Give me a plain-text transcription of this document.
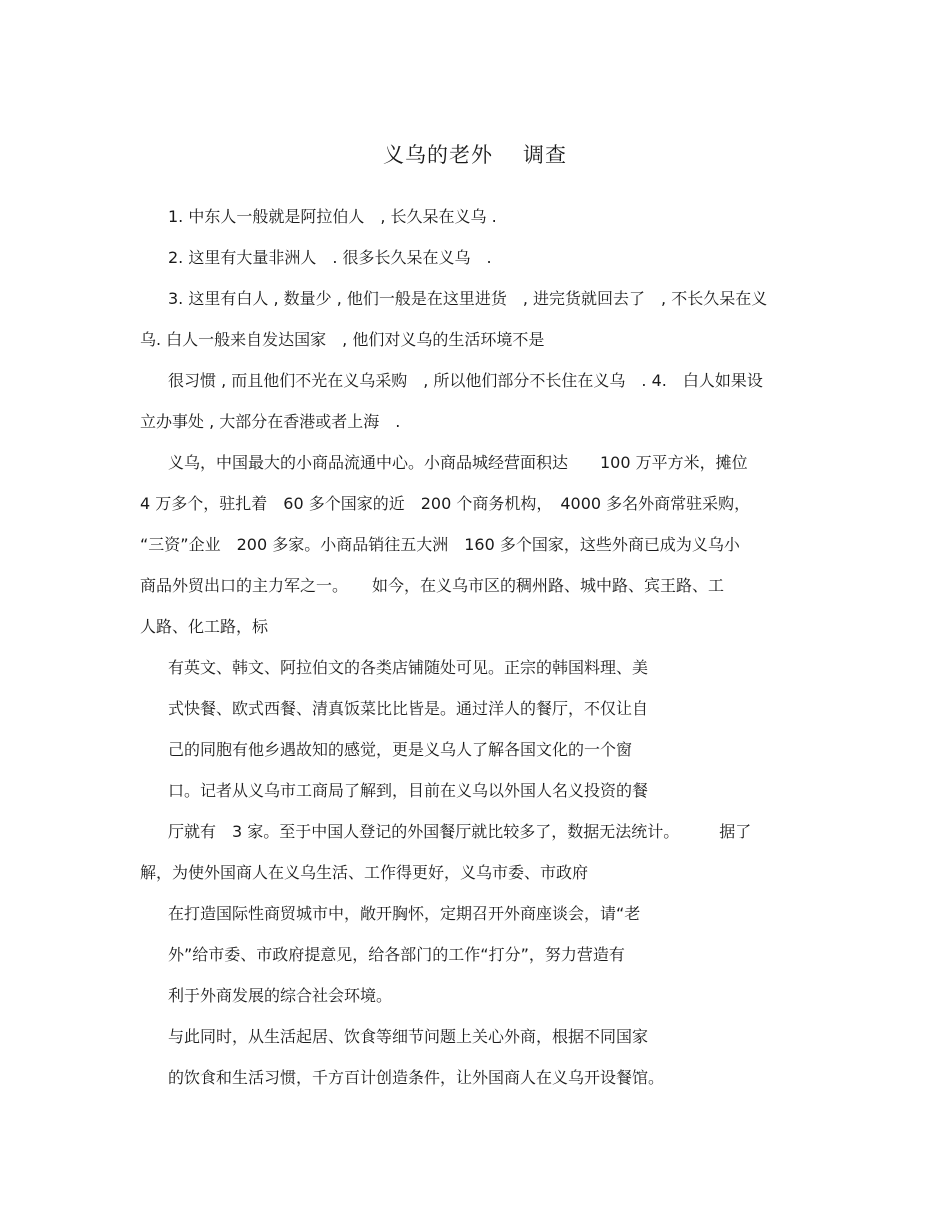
义乌的老外 调查
1. 中东人一般就是阿拉伯人　, 长久呆在义乌 .
2. 这里有大量非洲人　. 很多长久呆在义乌　.
3. 这里有白人 , 数量少 , 他们一般是在这里进货　, 进完货就回去了　, 不长久呆在义
乌. 白人一般来自发达国家　, 他们对义乌的生活环境不是
很习惯 , 而且他们不光在义乌采购　, 所以他们部分不长住在义乌　. 4.　白人如果设
立办事处 , 大部分在香港或者上海　.
义乌，中国最大的小商品流通中心。小商品城经营面积达　　100 万平方米，摊位
4 万多个，驻扎着　60 多个国家的近　200 个商务机构，　4000 多名外商常驻采购，
“三资”企业　200 多家。小商品销往五大洲　160 多个国家，这些外商已成为义乌小
商品外贸出口的主力军之一。　　如今，在义乌市区的稠州路、城中路、宾王路、工
人路、化工路，标
有英文、韩文、阿拉伯文的各类店铺随处可见。正宗的韩国料理、美
式快餐、欧式西餐、清真饭菜比比皆是。通过洋人的餐厅，不仅让自
己的同胞有他乡遇故知的感觉，更是义乌人了解各国文化的一个窗
口。记者从义乌市工商局了解到，目前在义乌以外国人名义投资的餐
厅就有　3 家。至于中国人登记的外国餐厅就比较多了，数据无法统计。　　　据了
解，为使外国商人在义乌生活、工作得更好，义乌市委、市政府
在打造国际性商贸城市中，敞开胸怀，定期召开外商座谈会，请“老
外”给市委、市政府提意见，给各部门的工作“打分”，努力营造有
利于外商发展的综合社会环境。
与此同时，从生活起居、饮食等细节问题上关心外商，根据不同国家
的饮食和生活习惯，千方百计创造条件，让外国商人在义乌开设餐馆。
